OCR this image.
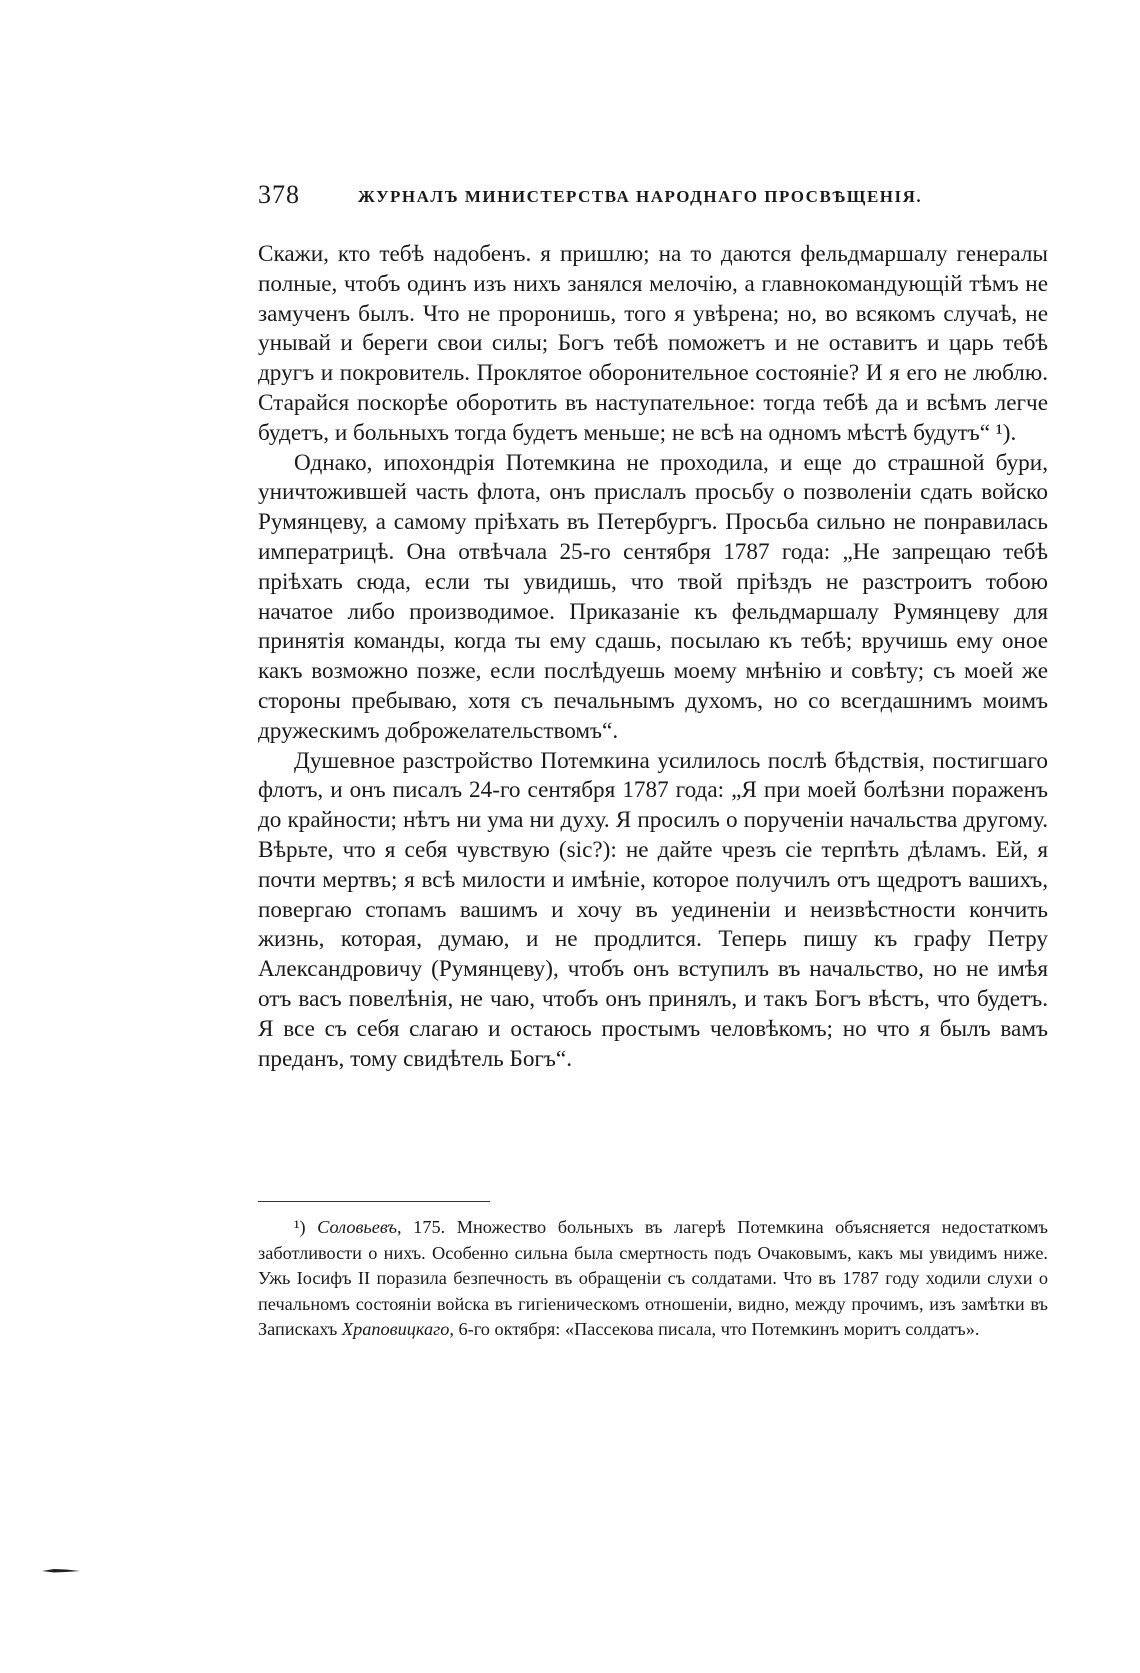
378	ЖУРНАЛЪ МИНИСТЕРСТВА НАРОДНАГО ПРОСВѢЩЕНІЯ.

Скажи, кто тебѣ надобенъ. я пришлю; на то даются фельдмаршалу генералы полные, чтобъ одинъ изъ нихъ занялся мелочію, а главнокомандующій тѣмъ не замученъ былъ. Что не проронишь, того я увѣрена; но, во всякомъ случаѣ, не унывай и береги свои силы; Богъ тебѣ поможетъ и не оставитъ и царь тебѣ другъ и покровитель. Проклятое оборонительное состояніе? И я его не люблю. Старайся поскорѣе оборотить въ наступательное: тогда тебѣ да и всѣмъ легче будетъ, и больныхъ тогда будетъ меньше; не всѣ на одномъ мѣстѣ будутъ“ ¹).

Однако, ипохондрія Потемкина не проходила, и еще до страшной бури, уничтожившей часть флота, онъ прислалъ просьбу о позволеніи сдать войско Румянцеву, а самому пріѣхать въ Петербургъ. Просьба сильно не понравилась императрицѣ. Она отвѣчала 25-го сентября 1787 года: „Не запрещаю тебѣ пріѣхать сюда, если ты увидишь, что твой пріѣздъ не разстроитъ тобою начатое либо производимое. Приказаніе къ фельдмаршалу Румянцеву для принятія команды, когда ты ему сдашь, посылаю къ тебѣ; вручишь ему оное какъ возможно позже, если послѣдуешь моему мнѣнію и совѣту; съ моей же стороны пребываю, хотя съ печальнымъ духомъ, но со всегдашнимъ моимъ дружескимъ доброжелательствомъ“.

Душевное разстройство Потемкина усилилось послѣ бѣдствія, постигшаго флотъ, и онъ писалъ 24-го сентября 1787 года: „Я при моей болѣзни пораженъ до крайности; нѣтъ ни ума ни духу. Я просилъ о порученіи начальства другому. Вѣрьте, что я себя чувствую (sic?): не дайте чрезъ сіе терпѣть дѣламъ. Ей, я почти мертвъ; я всѣ милости и имѣніе, которое получилъ отъ щедротъ вашихъ, повергаю стопамъ вашимъ и хочу въ уединеніи и неизвѣстности кончить жизнь, которая, думаю, и не продлится. Теперь пишу къ графу Петру Александровичу (Румянцеву), чтобъ онъ вступилъ въ начальство, но не имѣя отъ васъ повелѣнія, не чаю, чтобъ онъ принялъ, и такъ Богъ вѣстъ, что будетъ. Я все съ себя слагаю и остаюсь простымъ человѣкомъ; но что я былъ вамъ преданъ, тому свидѣтель Богъ“.

¹) Соловьевъ, 175. Множество больныхъ въ лагерѣ Потемкина объясняется недостаткомъ заботливости о нихъ. Особенно сильна была смертность подъ Очаковымъ, какъ мы увидимъ ниже. Ужь Іосифъ II поразила безпечность въ обращеніи съ солдатами. Что въ 1787 году ходили слухи о печальномъ состояніи войска въ гигіеническомъ отношеніи, видно, между прочимъ, изъ замѣтки въ Запискахъ Храповицкаго, 6-го октября: «Пассекова писала, что Потемкинъ моритъ солдатъ».
